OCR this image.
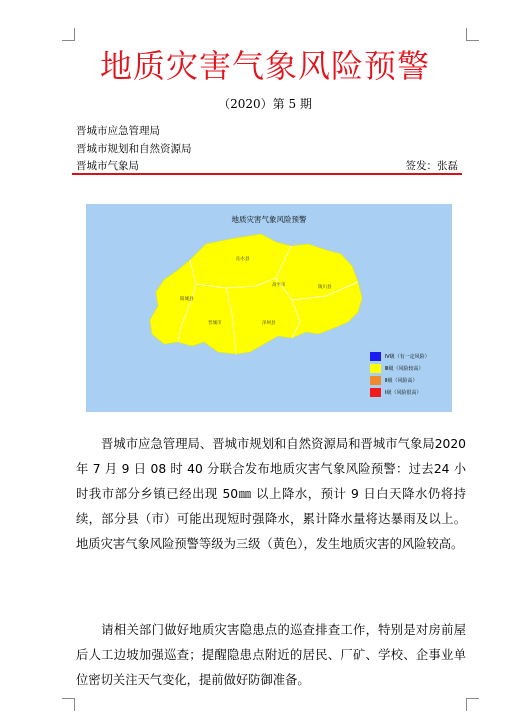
地质灾害气象风险预警
（2020）第 5 期
晋城市应急管理局
晋城市规划和自然资源局
晋城市气象局	签发：张磊
地质灾害气象风险预警
阳城县
晋城市
高平市	陵川县
泽州县
沁水县
Ⅳ级（有一定风险）
Ⅲ级（风险较高）
Ⅱ级（风险高）
Ⅰ级（风险很高）
晋城市应急管理局、晋城市规划和自然资源局和晋城市气象局2020 年 7 月 9 日 08 时 40 分联合发布地质灾害气象风险预警：过去24 小时我市部分乡镇已经出现 50㎜ 以上降水，预计 9 日白天降水仍将持续，部分县（市）可能出现短时强降水，累计降水量将达暴雨及以上。地质灾害气象风险预警等级为三级（黄色），发生地质灾害的风险较高。
请相关部门做好地质灾害隐患点的巡查排查工作，特别是对房前屋后人工边坡加强巡查；提醒隐患点附近的居民、厂矿、学校、企事业单位密切关注天气变化，提前做好防御准备。
